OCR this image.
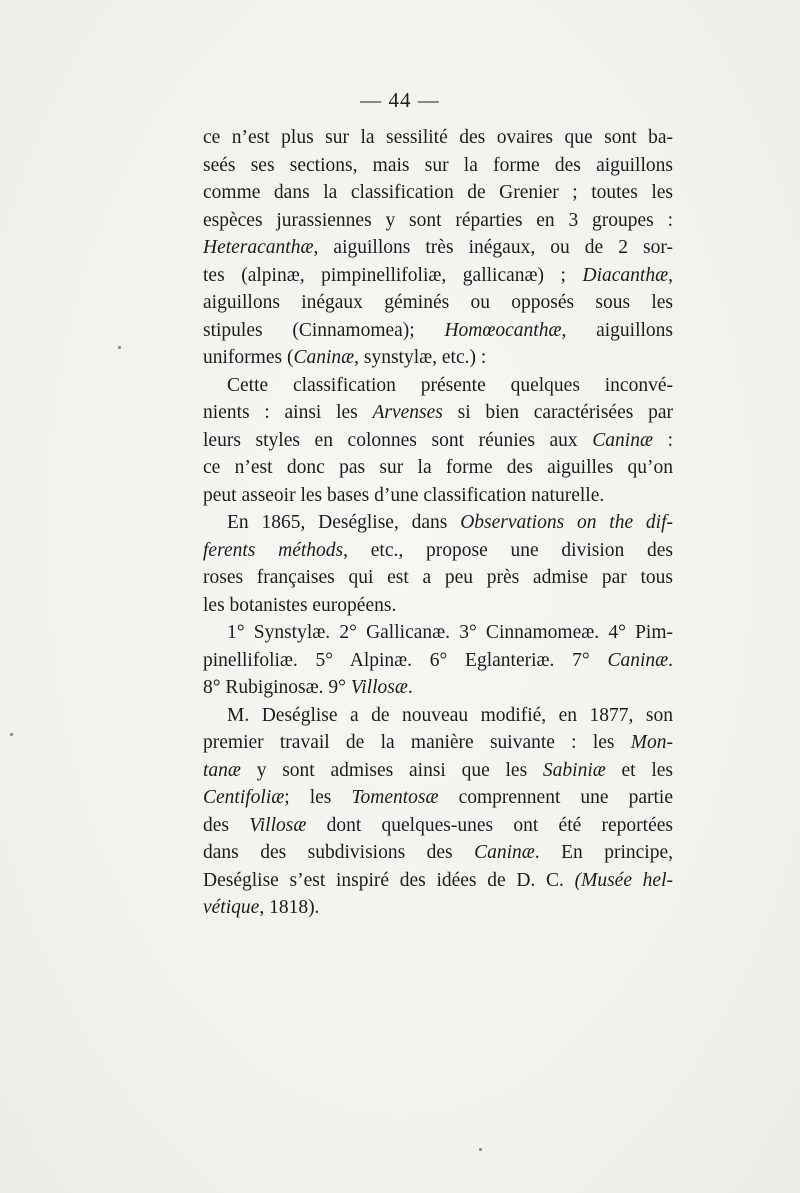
— 44 —
ce n’est plus sur la sessilité des ovaires que sont ba-
seés ses sections, mais sur la forme des aiguillons
comme dans la classification de Grenier ; toutes les
espèces jurassiennes y sont réparties en 3 groupes :
Heteracanthæ, aiguillons très inégaux, ou de 2 sor-
tes (alpinæ, pimpinellifoliæ, gallicanæ) ; Diacanthæ,
aiguillons inégaux géminés ou opposés sous les
stipules (Cinnamomea); Homœocanthæ, aiguillons
uniformes (Caninæ, synstylæ, etc.) :
Cette classification présente quelques inconvé-
nients : ainsi les Arvenses si bien caractérisées par
leurs styles en colonnes sont réunies aux Caninæ :
ce n’est donc pas sur la forme des aiguilles qu’on
peut asseoir les bases d’une classification naturelle.
En 1865, Deséglise, dans Observations on the dif-
ferents méthods, etc., propose une division des
roses françaises qui est a peu près admise par tous
les botanistes européens.
1° Synstylæ. 2° Gallicanæ. 3° Cinnamomeæ. 4° Pim-
pinellifoliæ. 5° Alpinæ. 6° Eglanteriæ. 7° Caninæ.
8° Rubiginosæ. 9° Villosæ.
M. Deséglise a de nouveau modifié, en 1877, son
premier travail de la manière suivante : les Mon-
tanæ y sont admises ainsi que les Sabiniæ et les
Centifoliæ; les Tomentosæ comprennent une partie
des Villosæ dont quelques-unes ont été reportées
dans des subdivisions des Caninæ. En principe,
Deséglise s’est inspiré des idées de D. C. (Musée hel-
vétique, 1818).
